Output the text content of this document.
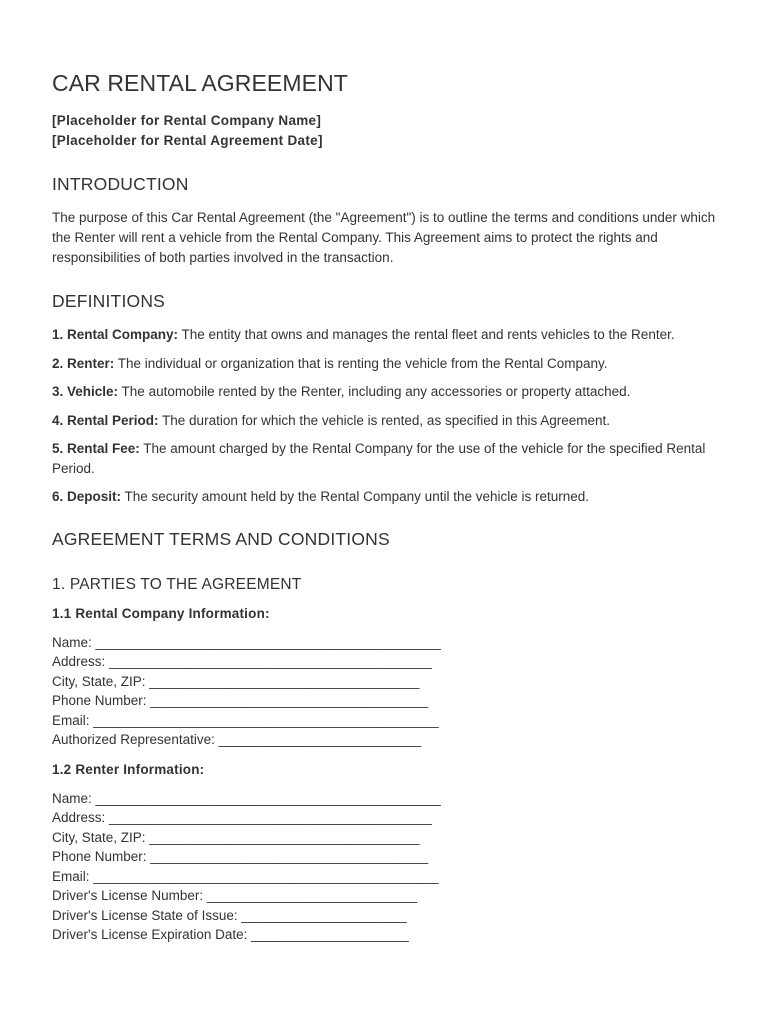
CAR RENTAL AGREEMENT
[Placeholder for Rental Company Name]
[Placeholder for Rental Agreement Date]
INTRODUCTION

The purpose of this Car Rental Agreement (the "Agreement") is to outline the terms and conditions under which the Renter will rent a vehicle from the Rental Company. This Agreement aims to protect the rights and responsibilities of both parties involved in the transaction.

DEFINITIONS
1. Rental Company: The entity that owns and manages the rental fleet and rents vehicles to the Renter.
2. Renter: The individual or organization that is renting the vehicle from the Rental Company.
3. Vehicle: The automobile rented by the Renter, including any accessories or property attached.
4. Rental Period: The duration for which the vehicle is rented, as specified in this Agreement.
5. Rental Fee: The amount charged by the Rental Company for the use of the vehicle for the specified Rental Period.
6. Deposit: The security amount held by the Rental Company until the vehicle is returned.
AGREEMENT TERMS AND CONDITIONS
1. PARTIES TO THE AGREEMENT
1.1 Rental Company Information:
Name: ______________________________________________
Address: ___________________________________________
City, State, ZIP: ____________________________________
Phone Number: _____________________________________
Email: ______________________________________________
Authorized Representative: ___________________________
1.2 Renter Information:
Name: ______________________________________________
Address: ___________________________________________
City, State, ZIP: ____________________________________
Phone Number: _____________________________________
Email: ______________________________________________
Driver's License Number: ____________________________
Driver's License State of Issue: ______________________
Driver's License Expiration Date: _____________________
